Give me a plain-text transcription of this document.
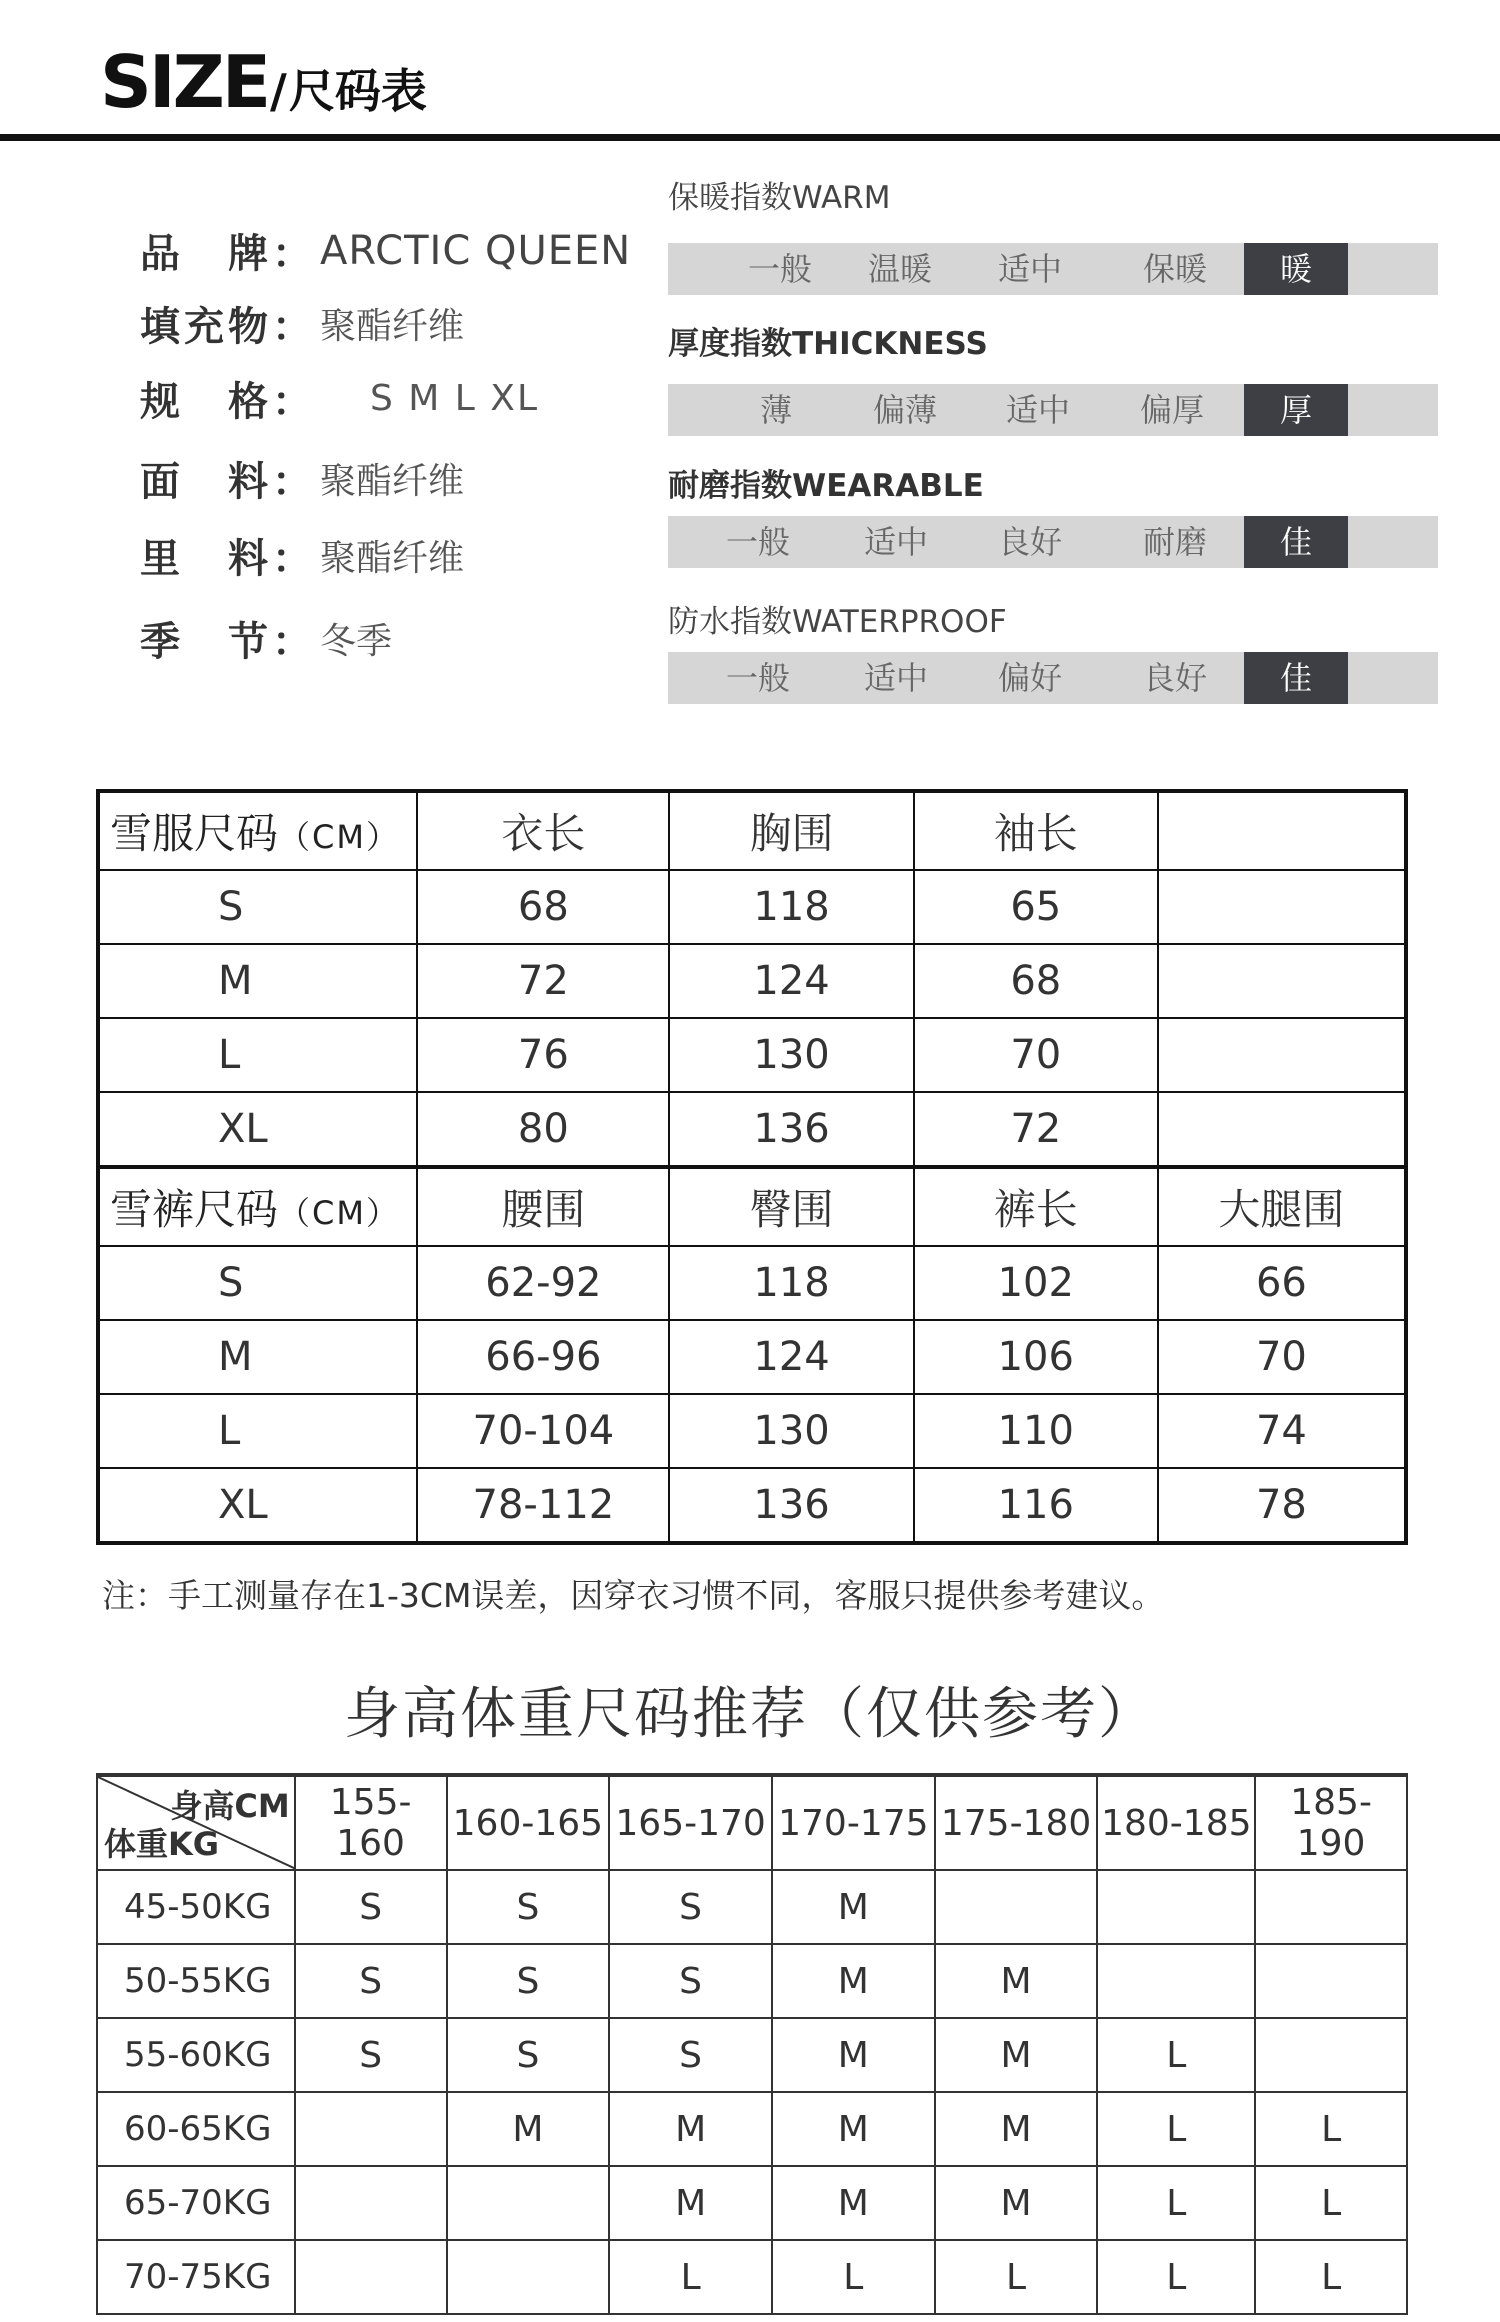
SIZE / 尺码表
品　牌： ARCTIC QUEEN
填充物： 聚酯纤维
规　格： S M L XL
面　料： 聚酯纤维
里　料： 聚酯纤维
季　节： 冬季
保暖指数WARM
一般 温暖 适中	保暖	暖
厚度指数THICKNESS
薄	偏薄 适中 偏厚	厚
耐磨指数WEARABLE
一般 适中 良好	耐磨	佳
防水指数WATERPROOF
一般 适中 偏好	良好	佳
雪服尺码（CM）	衣长	胸围	袖长	
S	68	118	65	
M	72	124	68	
L	76	130	70	
XL	80	136	72	
雪裤尺码（CM）	腰围	臀围	裤长	大腿围
S	62-92	118	102	66
M	66-96	124	106	70
L	70-104	130	110	74
XL	78-112	136	116	78
注：手工测量存在1-3CM误差，因穿衣习惯不同，客服只提供参考建议。
身高体重尺码推荐（仅供参考）
身高CM
体重KG	155-160	160-165	165-170	170-175	175-180	180-185	185-190
45-50KG	S	S	S	M			
50-55KG	S	S	S	M	M		
55-60KG	S	S	S	M	M	L	
60-65KG		M	M	M	M	L	L
65-70KG			M	M	M	L	L
70-75KG			L	L	L	L	L
